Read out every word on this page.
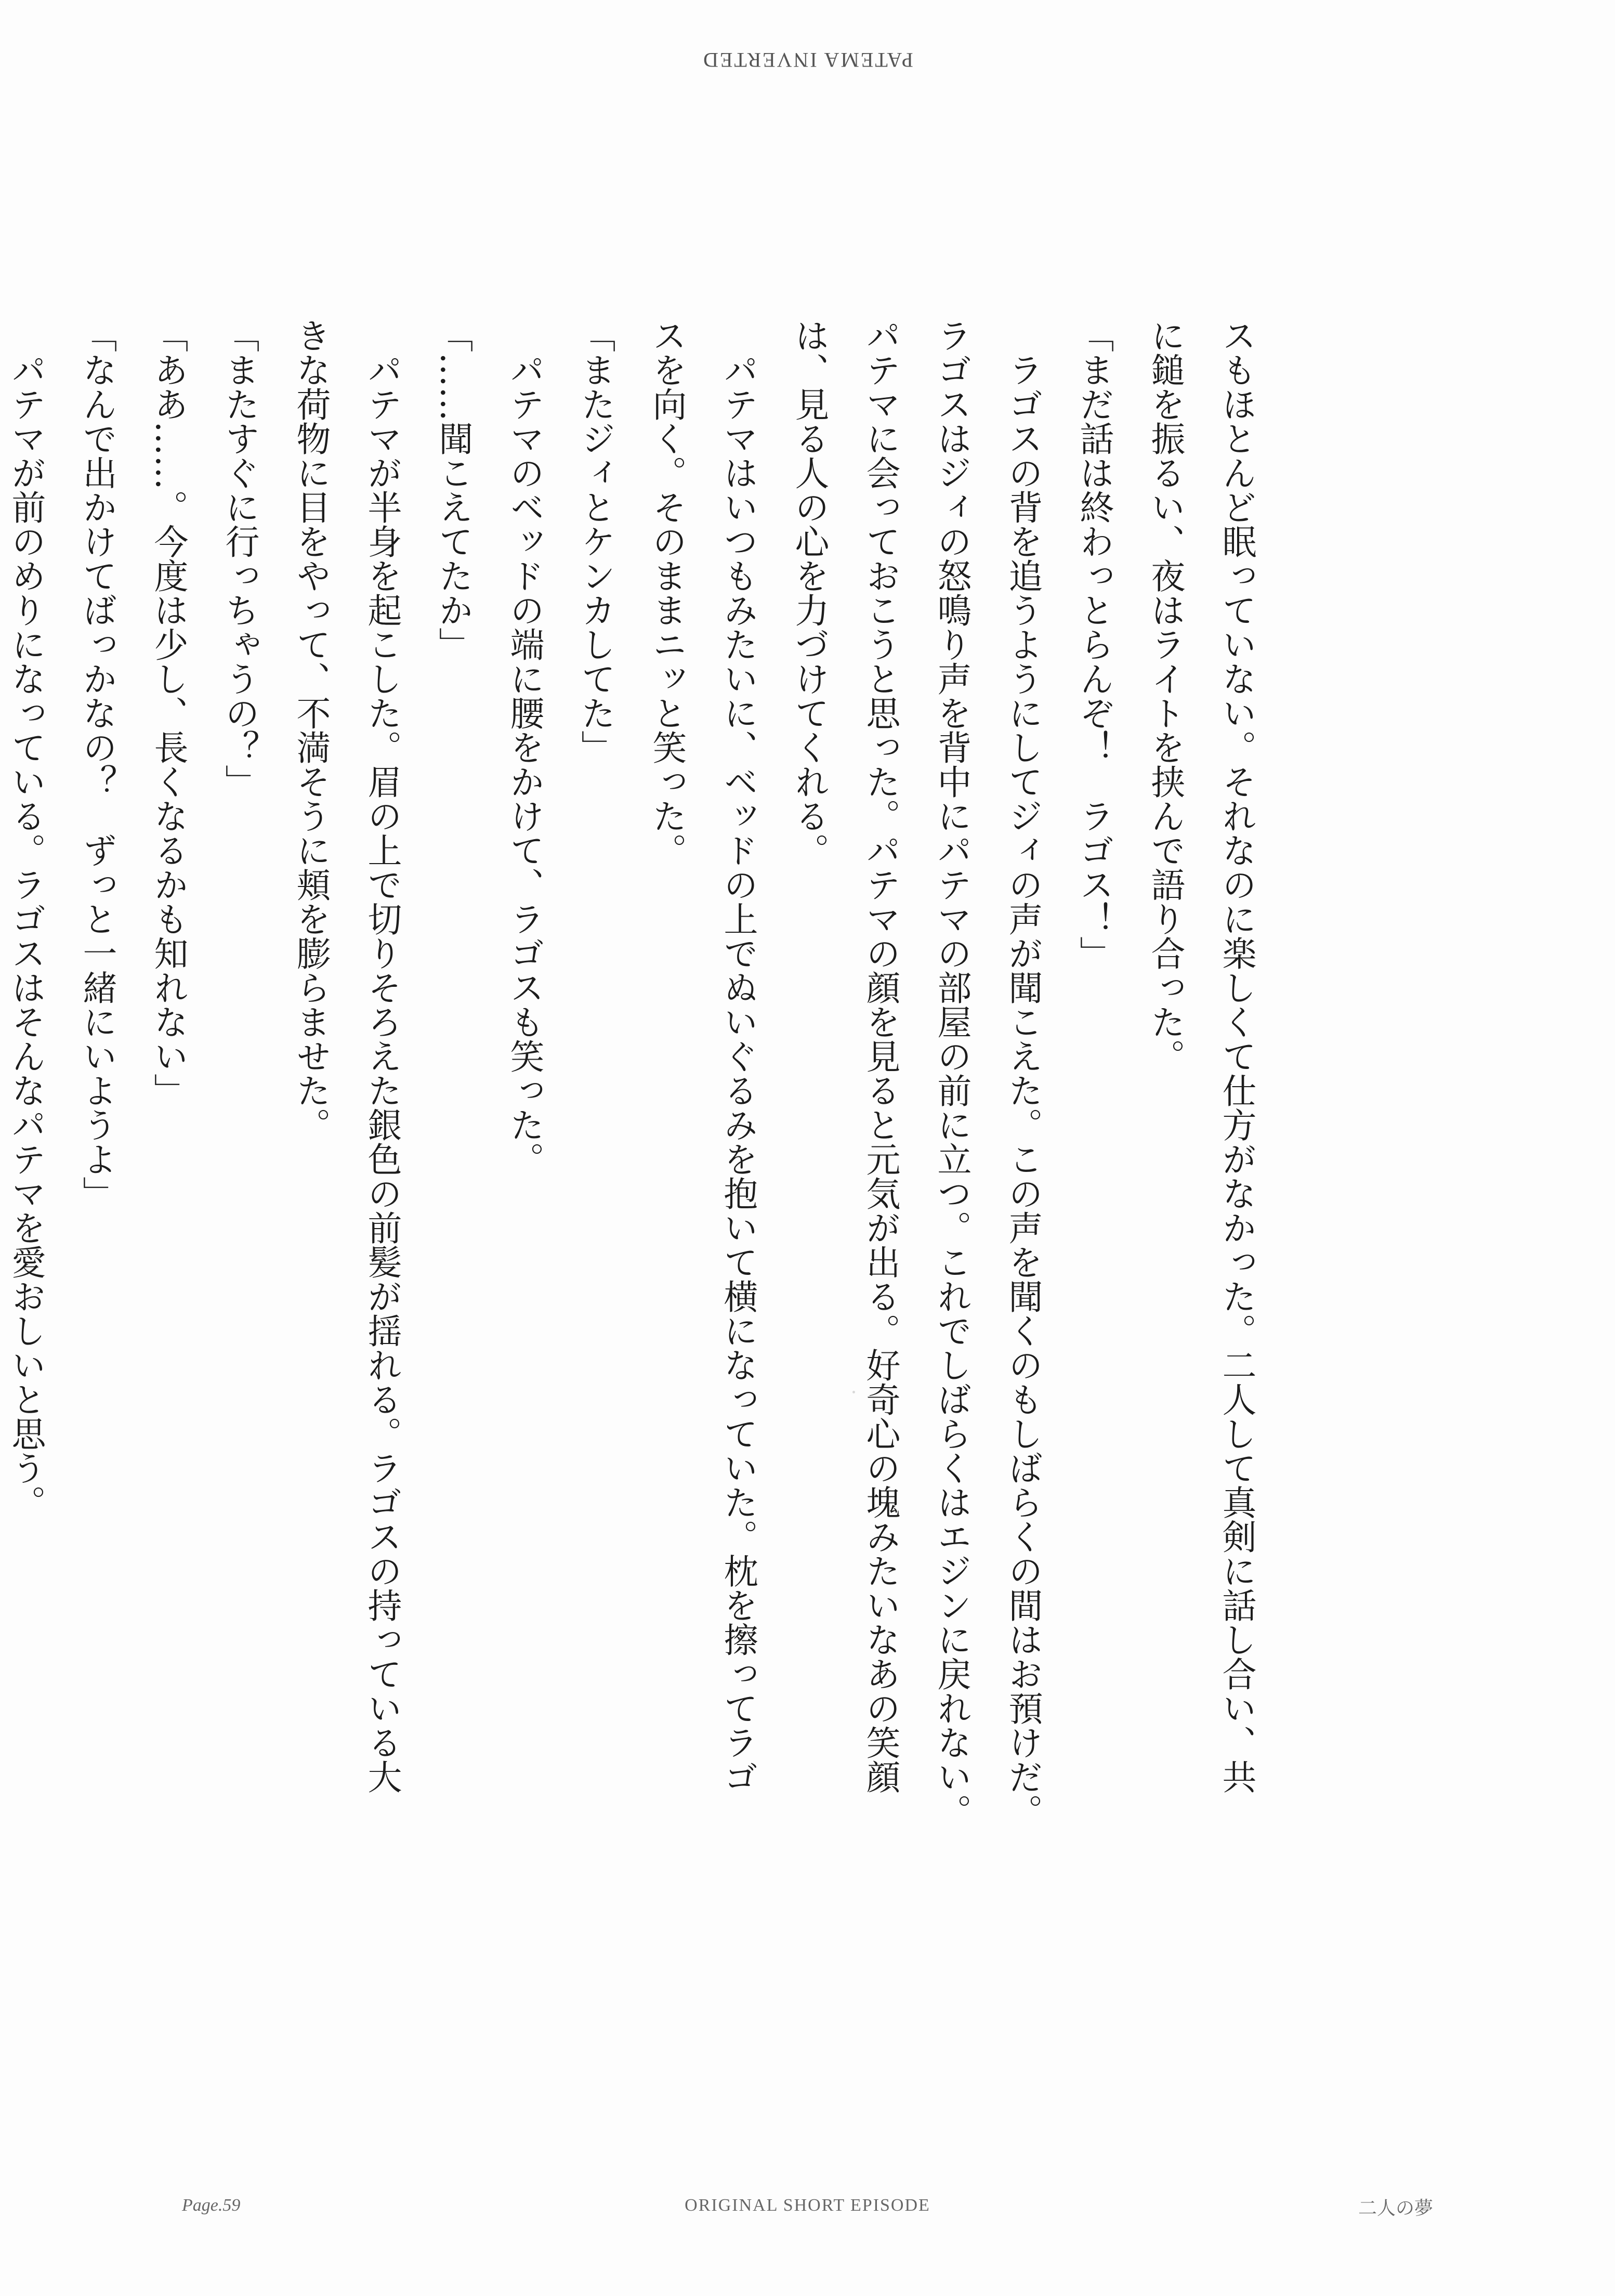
PATEMA INVERTED

スもほとんど眠っていない。それなのに楽しくて仕方がなかった。二人して真剣に話し合い、共

に鎚を振るい、夜はライトを挟んで語り合った。

「まだ話は終わっとらんぞ！　ラゴス！」

　ラゴスの背を追うようにしてジィの声が聞こえた。この声を聞くのもしばらくの間はお預けだ。

ラゴスはジィの怒鳴り声を背中にパテマの部屋の前に立つ。これでしばらくはエジンに戻れない。

パテマに会っておこうと思った。パテマの顔を見ると元気が出る。好奇心の塊みたいなあの笑顔

は、見る人の心を力づけてくれる。

　パテマはいつもみたいに、ベッドの上でぬいぐるみを抱いて横になっていた。枕を擦ってラゴ

スを向く。そのままニッと笑った。

「またジィとケンカしてた」

　パテマのベッドの端に腰をかけて、ラゴスも笑った。

「……聞こえてたか」

　パテマが半身を起こした。眉の上で切りそろえた銀色の前髪が揺れる。ラゴスの持っている大

きな荷物に目をやって、不満そうに頬を膨らませた。

「またすぐに行っちゃうの？」

「ああ……。今度は少し、長くなるかも知れない」

「なんで出かけてばっかなの？　ずっと一緒にいようよ」

　パテマが前のめりになっている。ラゴスはそんなパテマを愛おしいと思う。

Page.59	ORIGINAL SHORT EPISODE	二人の夢
